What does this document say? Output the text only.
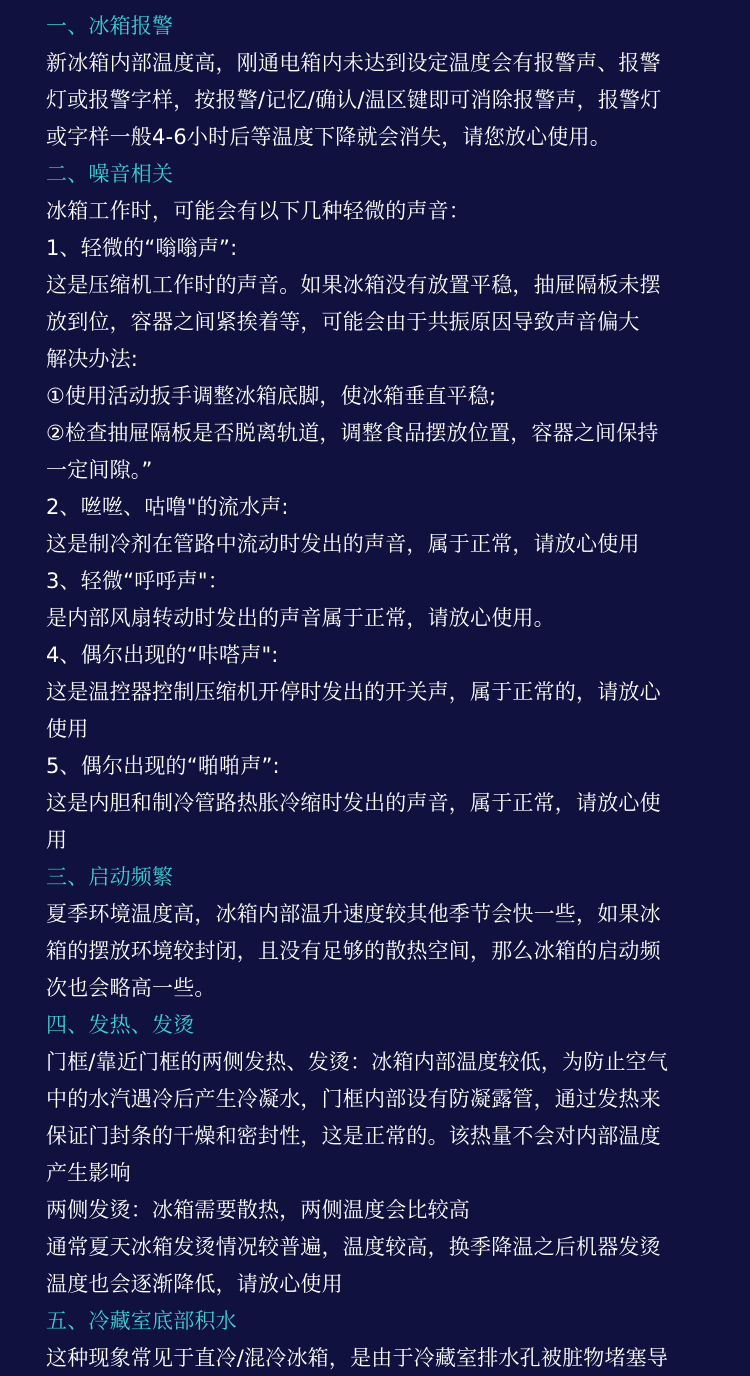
一、冰箱报警
新冰箱内部温度高，刚通电箱内未达到设定温度会有报警声、报警
灯或报警字样，按报警/记忆/确认/温区键即可消除报警声，报警灯
或字样一般4-6小时后等温度下降就会消失，请您放心使用。
二、噪音相关
冰箱工作时，可能会有以下几种轻微的声音：
1、轻微的“嗡嗡声”:
这是压缩机工作时的声音。如果冰箱没有放置平稳，抽屉隔板未摆
放到位，容器之间紧挨着等，可能会由于共振原因导致声音偏大
解决办法:
①使用活动扳手调整冰箱底脚，使冰箱垂直平稳;
②检查抽屉隔板是否脱离轨道，调整食品摆放位置，容器之间保持
一定间隙。”
2、咝咝、咕噜"的流水声:
这是制冷剂在管路中流动时发出的声音，属于正常，请放心使用
3、轻微“呼呼声"：
是内部风扇转动时发出的声音属于正常，请放心使用。
4、偶尔出现的“咔嗒声":
这是温控器控制压缩机开停时发出的开关声，属于正常的，请放心
使用
5、偶尔出现的“啪啪声”:
这是内胆和制冷管路热胀冷缩时发出的声音，属于正常，请放心使
用
三、启动频繁
夏季环境温度高，冰箱内部温升速度较其他季节会快一些，如果冰
箱的摆放环境较封闭，且没有足够的散热空间，那么冰箱的启动频
次也会略高一些。
四、发热、发烫
门框/靠近门框的两侧发热、发烫：冰箱内部温度较低，为防止空气
中的水汽遇冷后产生冷凝水，门框内部设有防凝露管，通过发热来
保证门封条的干燥和密封性，这是正常的。该热量不会对内部温度
产生影响
两侧发烫：冰箱需要散热，两侧温度会比较高
通常夏天冰箱发烫情况较普遍，温度较高，换季降温之后机器发烫
温度也会逐渐降低，请放心使用
五、冷藏室底部积水
这种现象常见于直冷/混冷冰箱，是由于冷藏室排水孔被脏物堵塞导
